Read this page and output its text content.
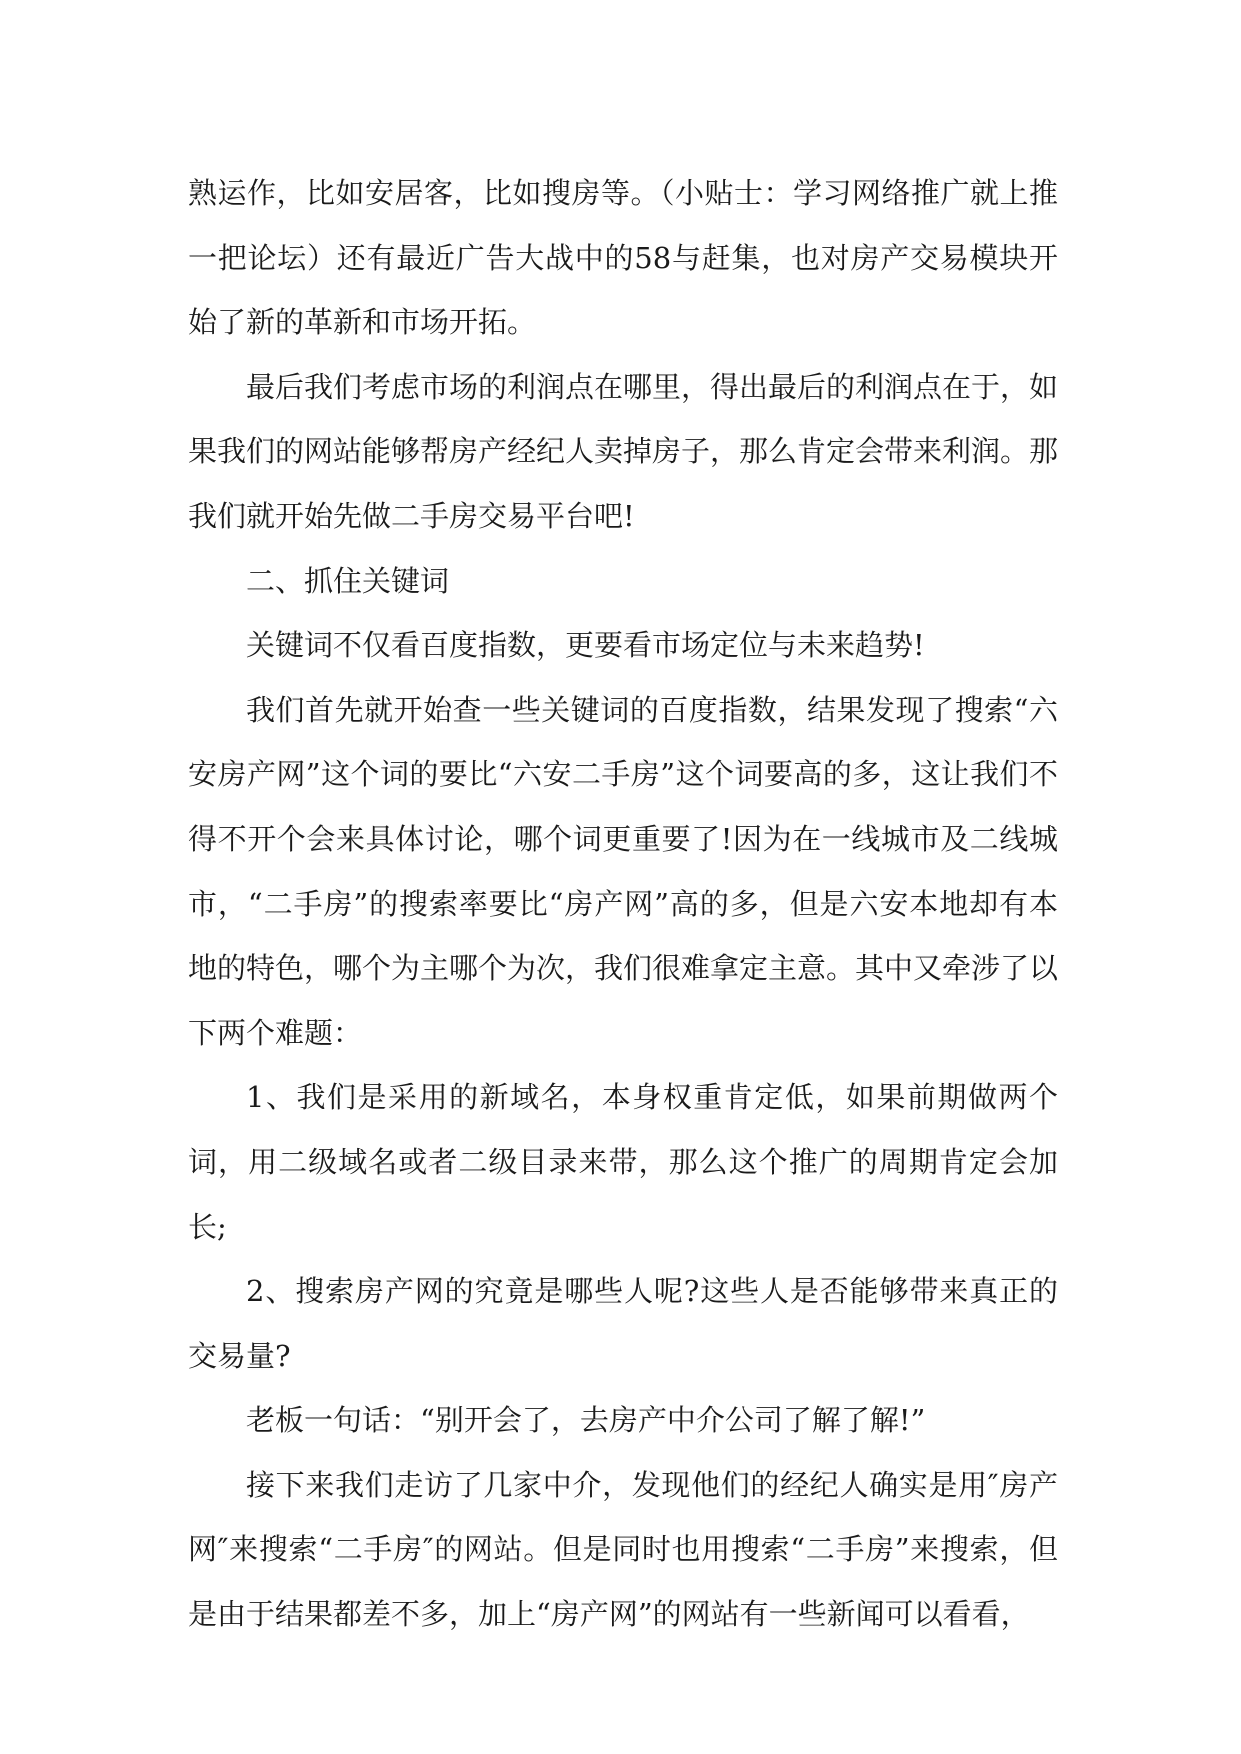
熟运作，比如安居客，比如搜房等。（小贴士：学习网络推广就上推一把论坛）还有最近广告大战中的58与赶集，也对房产交易模块开始了新的革新和市场开拓。

最后我们考虑市场的利润点在哪里，得出最后的利润点在于，如果我们的网站能够帮房产经纪人卖掉房子，那么肯定会带来利润。那我们就开始先做二手房交易平台吧!

二、抓住关键词

关键词不仅看百度指数，更要看市场定位与未来趋势!

我们首先就开始查一些关键词的百度指数，结果发现了搜索“六安房产网”这个词的要比“六安二手房”这个词要高的多，这让我们不得不开个会来具体讨论，哪个词更重要了!因为在一线城市及二线城市，“二手房”的搜索率要比“房产网”高的多，但是六安本地却有本地的特色，哪个为主哪个为次，我们很难拿定主意。其中又牵涉了以下两个难题：

1、我们是采用的新域名，本身权重肯定低，如果前期做两个词，用二级域名或者二级目录来带，那么这个推广的周期肯定会加长;

2、搜索房产网的究竟是哪些人呢?这些人是否能够带来真正的交易量?

老板一句话：“别开会了，去房产中介公司了解了解!”

接下来我们走访了几家中介，发现他们的经纪人确实是用″房产网″来搜索“二手房″的网站。但是同时也用搜索“二手房”来搜索，但是由于结果都差不多，加上“房产网”的网站有一些新闻可以看看，
